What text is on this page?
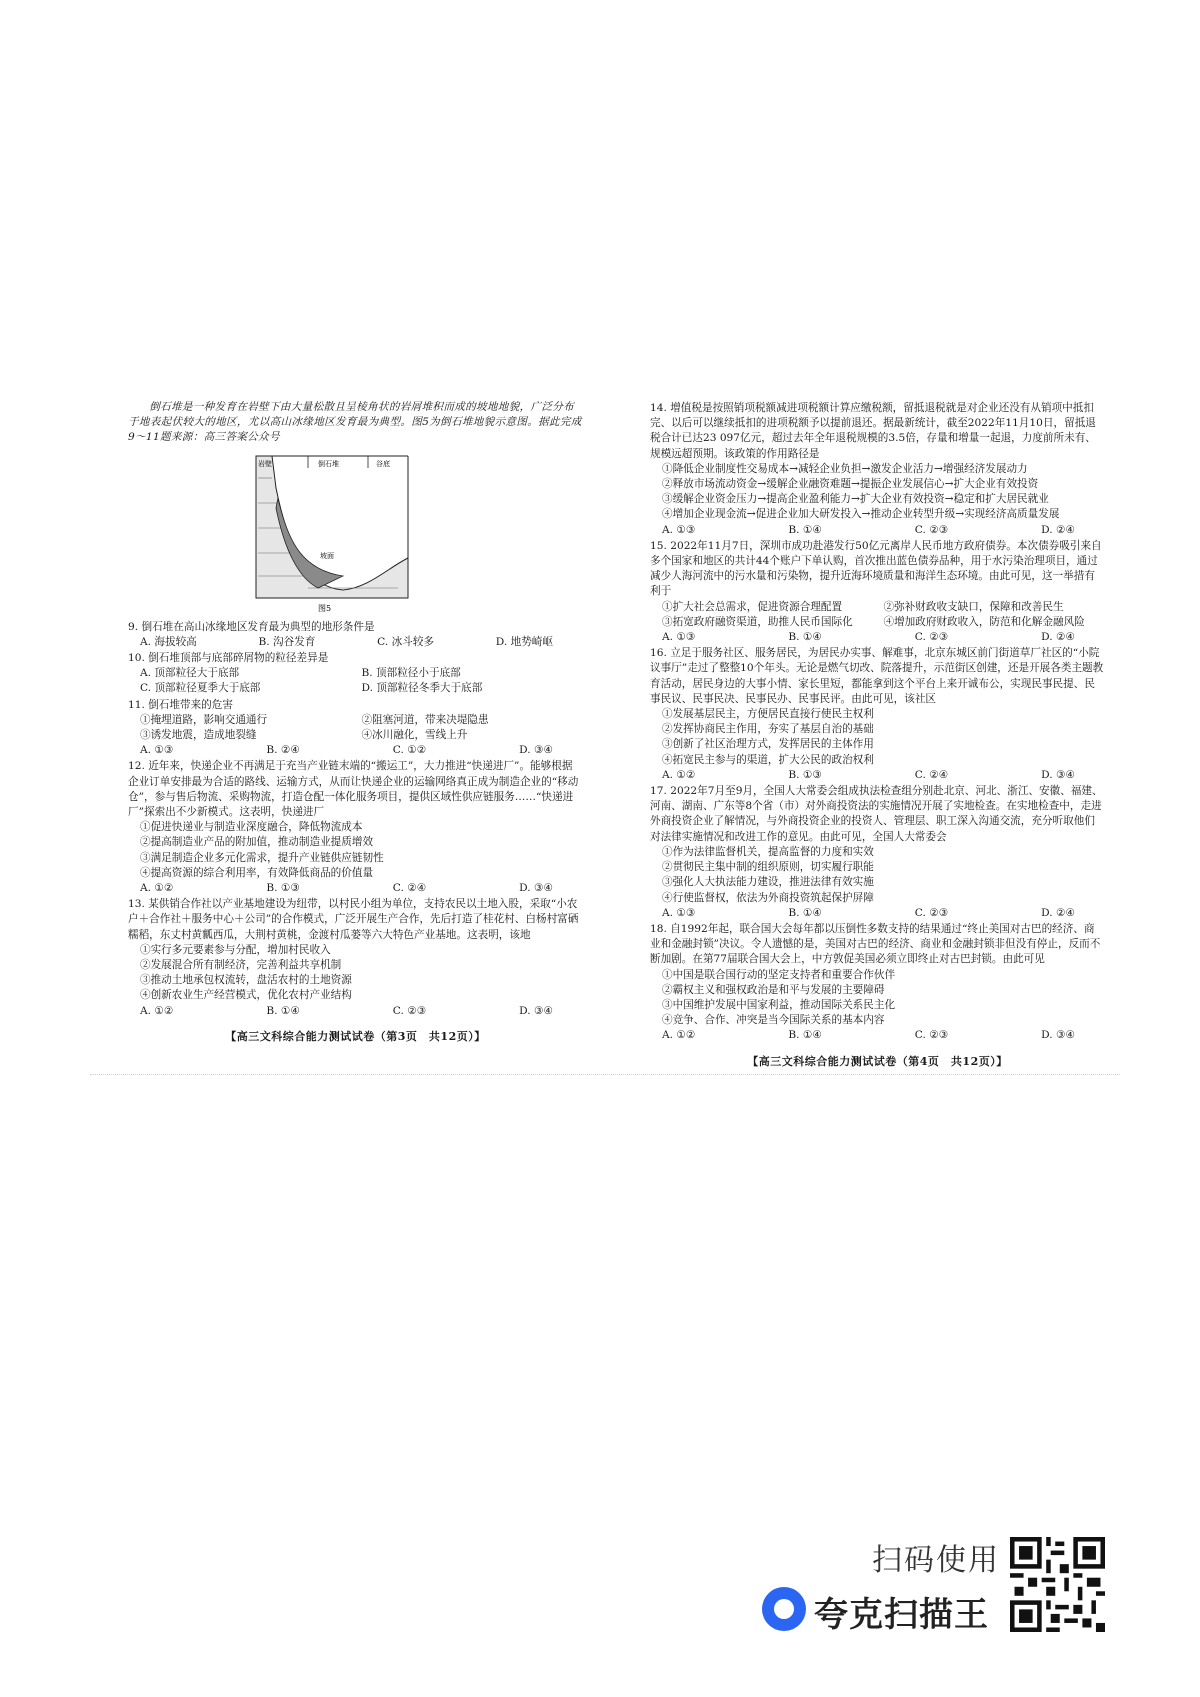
倒石堆是一种发育在岩壁下由大量松散且呈棱角状的岩屑堆积而成的坡地地貌，广泛分布于地表起伏较大的地区，尤以高山冰缘地区发育最为典型。图5为倒石堆地貌示意图。据此完成9～11题来源：高三答案公众号

岩壁	倒石堆	谷底
坡面
图5

9. 倒石堆在高山冰缘地区发育最为典型的地形条件是

A. 海拔较高	B. 沟谷发育	C. 冰斗较多	D. 地势崎岖

10. 倒石堆顶部与底部碎屑物的粒径差异是

A. 顶部粒径大于底部	B. 顶部粒径小于底部
C. 顶部粒径夏季大于底部	D. 顶部粒径冬季大于底部

11. 倒石堆带来的危害

①掩埋道路，影响交通通行	②阻塞河道，带来决堤隐患
③诱发地震，造成地裂缝	④冰川融化，雪线上升
A. ①③	B. ②④	C. ①②	D. ③④

12. 近年来，快递企业不再满足于充当产业链末端的“搬运工”，大力推进“快递进厂”。能够根据企业订单安排最为合适的路线、运输方式，从而让快递企业的运输网络真正成为制造企业的“移动仓”，参与售后物流、采购物流，打造仓配一体化服务项目，提供区域性供应链服务……“快递进厂”探索出不少新模式。这表明，快递进厂

①促进快递业与制造业深度融合，降低物流成本

②提高制造业产品的附加值，推动制造业提质增效

③满足制造企业多元化需求，提升产业链供应链韧性

④提高资源的综合利用率，有效降低商品的价值量

A. ①②	B. ①③	C. ②④	D. ③④

13. 某供销合作社以产业基地建设为纽带，以村民小组为单位，支持农民以土地入股，采取“小农户＋合作社＋服务中心＋公司”的合作模式，广泛开展生产合作，先后打造了桂花村、白杨村富硒糯稻，东丈村黄瓤西瓜，大荆村黄桃，金渡村瓜蒌等六大特色产业基地。这表明，该地

①实行多元要素参与分配，增加村民收入

②发展混合所有制经济，完善利益共享机制

③推动土地承包权流转，盘活农村的土地资源

④创新农业生产经营模式，优化农村产业结构

A. ①②	B. ①④	C. ②③	D. ③④

【高三文科综合能力测试试卷（第3页　共12页）】

14. 增值税是按照销项税额减进项税额计算应缴税额，留抵退税就是对企业还没有从销项中抵扣完、以后可以继续抵扣的进项税额予以提前退还。据最新统计，截至2022年11月10日，留抵退税合计已达23 097亿元，超过去年全年退税规模的3.5倍，存量和增量一起退，力度前所未有、规模远超预期。该政策的作用路径是

①降低企业制度性交易成本→减轻企业负担→激发企业活力→增强经济发展动力

②释放市场流动资金→缓解企业融资难题→提振企业发展信心→扩大企业有效投资

③缓解企业资金压力→提高企业盈利能力→扩大企业有效投资→稳定和扩大居民就业

④增加企业现金流→促进企业加大研发投入→推动企业转型升级→实现经济高质量发展

A. ①③	B. ①④	C. ②③	D. ②④

15. 2022年11月7日，深圳市成功赴港发行50亿元离岸人民币地方政府债券。本次债券吸引来自多个国家和地区的共计44个账户下单认购，首次推出蓝色债券品种，用于水污染治理项目，通过减少人海河流中的污水量和污染物，提升近海环境质量和海洋生态环境。由此可见，这一举措有利于

①扩大社会总需求，促进资源合理配置	②弥补财政收支缺口，保障和改善民生
③拓宽政府融资渠道，助推人民币国际化	④增加政府财政收入，防范和化解金融风险
A. ①③	B. ①④	C. ②③	D. ②④

16. 立足于服务社区、服务居民，为居民办实事、解难事，北京东城区前门街道草厂社区的“小院议事厅”走过了整整10个年头。无论是燃气切改、院落提升，示范街区创建，还是开展各类主题教育活动，居民身边的大事小情、家长里短，都能拿到这个平台上来开诚布公，实现民事民提、民事民议、民事民决、民事民办、民事民评。由此可见，该社区

①发展基层民主，方便居民直接行使民主权利

②发挥协商民主作用，夯实了基层自治的基础

③创新了社区治理方式，发挥居民的主体作用

④拓宽民主参与的渠道，扩大公民的政治权利

A. ①②	B. ①③	C. ②④	D. ③④

17. 2022年7月至9月，全国人大常委会组成执法检查组分别赴北京、河北、浙江、安徽、福建、河南、湖南、广东等8个省（市）对外商投资法的实施情况开展了实地检查。在实地检查中，走进外商投资企业了解情况，与外商投资企业的投资人、管理层、职工深入沟通交流，充分听取他们对法律实施情况和改进工作的意见。由此可见，全国人大常委会

①作为法律监督机关，提高监督的力度和实效

②贯彻民主集中制的组织原则，切实履行职能

③强化人大执法能力建设，推进法律有效实施

④行使监督权，依法为外商投资筑起保护屏障

A. ①③	B. ①④	C. ②③	D. ②④

18. 自1992年起，联合国大会每年都以压倒性多数支持的结果通过“终止美国对古巴的经济、商业和金融封锁”决议。令人遗憾的是，美国对古巴的经济、商业和金融封锁非但没有停止，反而不断加剧。在第77届联合国大会上，中方敦促美国必须立即终止对古巴封锁。由此可见

①中国是联合国行动的坚定支持者和重要合作伙伴

②霸权主义和强权政治是和平与发展的主要障碍

③中国维护发展中国家利益，推动国际关系民主化

④竞争、合作、冲突是当今国际关系的基本内容

A. ①②	B. ①④	C. ②③	D. ③④

【高三文科综合能力测试试卷（第4页　共12页）】

扫码使用
夸克扫描王
